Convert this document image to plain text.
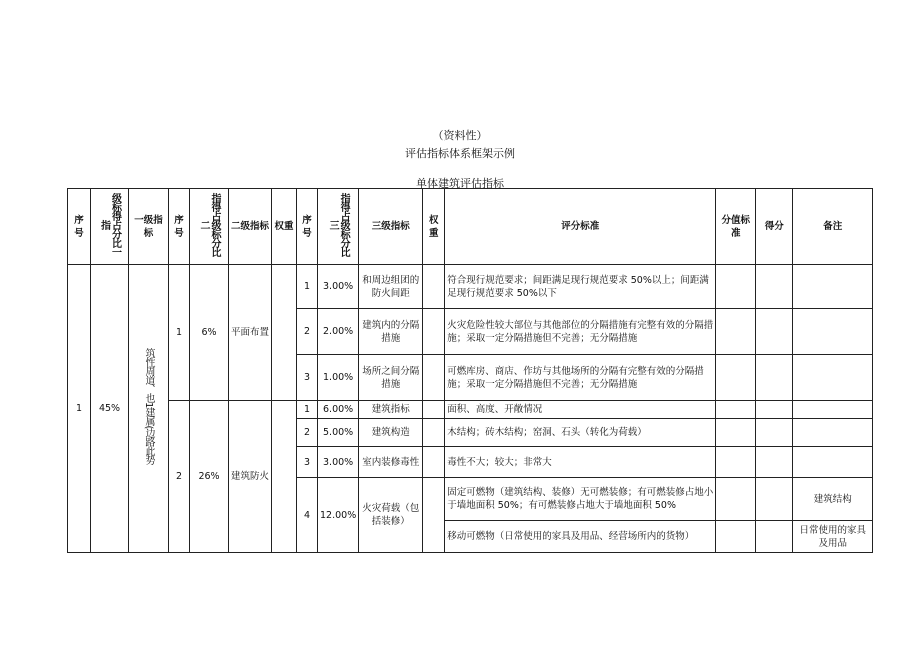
（资料性）
评估指标体系框架示例
单体建筑评估指标
序号	级标得占分比一指	一级指标	序号	指得占级标分比二	二级指标	权重	序号	指得占级标分比三	三级指标	权重	评分标准	分值标准	得分	备注
1	45%	筑性周道、也1建属(边路此势	1	6%	平面布置		1	3.00%	和周边组团的防火间距		符合现行规范要求；间距满足现行规范要求 50%以上；间距满足现行规范要求 50%以下			
							2	2.00%	建筑内的分隔措施		火灾危险性较大部位与其他部位的分隔措施有完整有效的分隔措施；采取一定分隔措施但不完善；无分隔措施			
							3	1.00%	场所之间分隔措施		可燃库房、商店、作坊与其他场所的分隔有完整有效的分隔措施；采取一定分隔措施但不完善；无分隔措施			
			2	26%	建筑防火		1	6.00%	建筑指标		面积、高度、开敞情况			
							2	5.00%	建筑构造		木结构；砖木结构；窑洞、石头（转化为荷载）			
							3	3.00%	室内装修毒性		毒性不大；较大；非常大			
							4	12.00%	火灾荷载（包括装修）		固定可燃物（建筑结构、装修）无可燃装修；有可燃装修占地小于墙地面积 50%；有可燃装修占地大于墙地面积 50%			建筑结构
											移动可燃物（日常使用的家具及用品、经营场所内的货物）			日常使用的家具及用品
